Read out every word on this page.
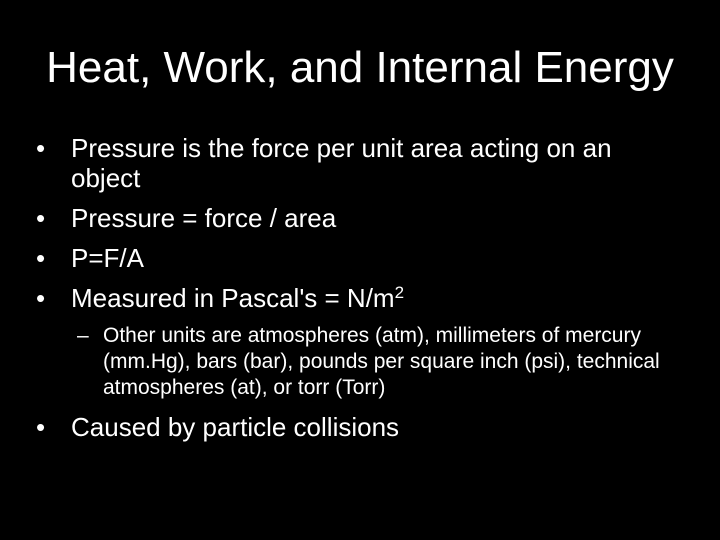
Heat, Work, and Internal Energy
• Pressure is the force per unit area acting on an object
• Pressure = force / area
• P=F/A
• Measured in Pascal's = $N/m^2$
– Other units are atmospheres (atm), millimeters of mercury (mm.Hg), bars (bar), pounds per square inch (psi), technical atmospheres (at), or torr (Torr)
• Caused by particle collisions
